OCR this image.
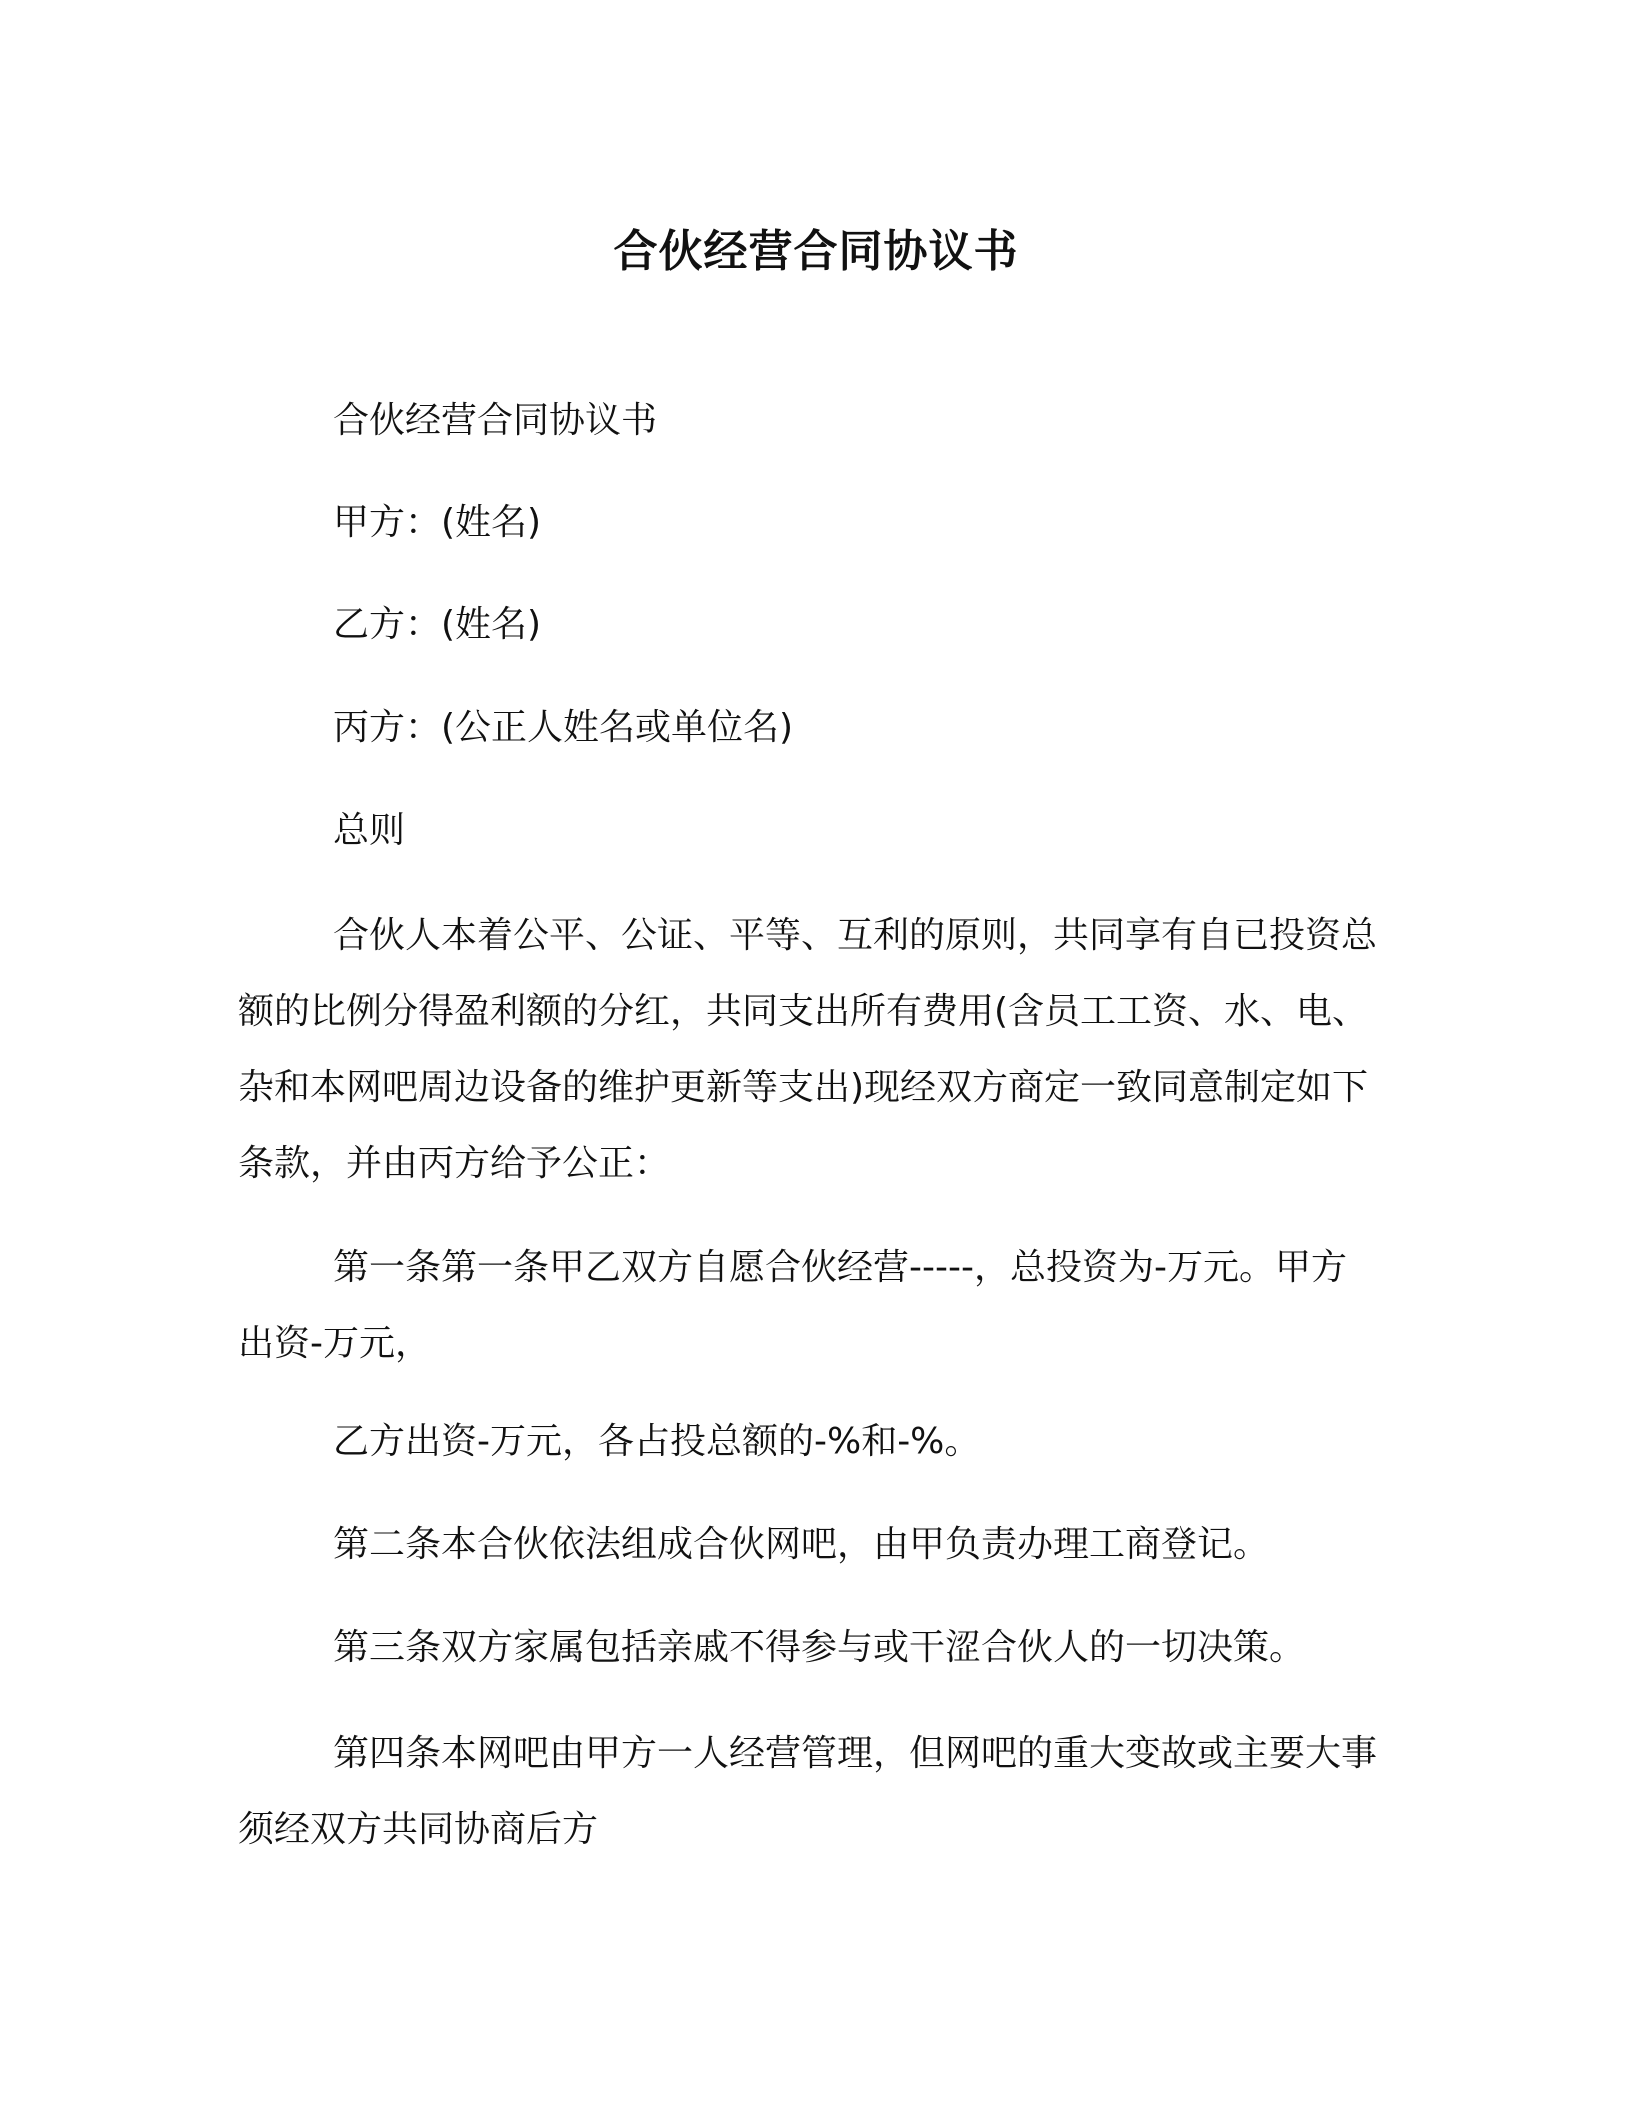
合伙经营合同协议书
合伙经营合同协议书
甲方：(姓名)
乙方：(姓名)
丙方：(公正人姓名或单位名)
总则

合伙人本着公平、公证、平等、互利的原则，共同享有自已投资总额的比例分得盈利额的分红，共同支出所有费用(含员工工资、水、电、杂和本网吧周边设备的维护更新等支出)现经双方商定一致同意制定如下条款，并由丙方给予公正：

第一条第一条甲乙双方自愿合伙经营-----，总投资为-万元。甲方出资-万元，

乙方出资-万元，各占投总额的-%和-%。
第二条本合伙依法组成合伙网吧，由甲负责办理工商登记。
第三条双方家属包括亲戚不得参与或干涩合伙人的一切决策。

第四条本网吧由甲方一人经营管理，但网吧的重大变故或主要大事须经双方共同协商后方
